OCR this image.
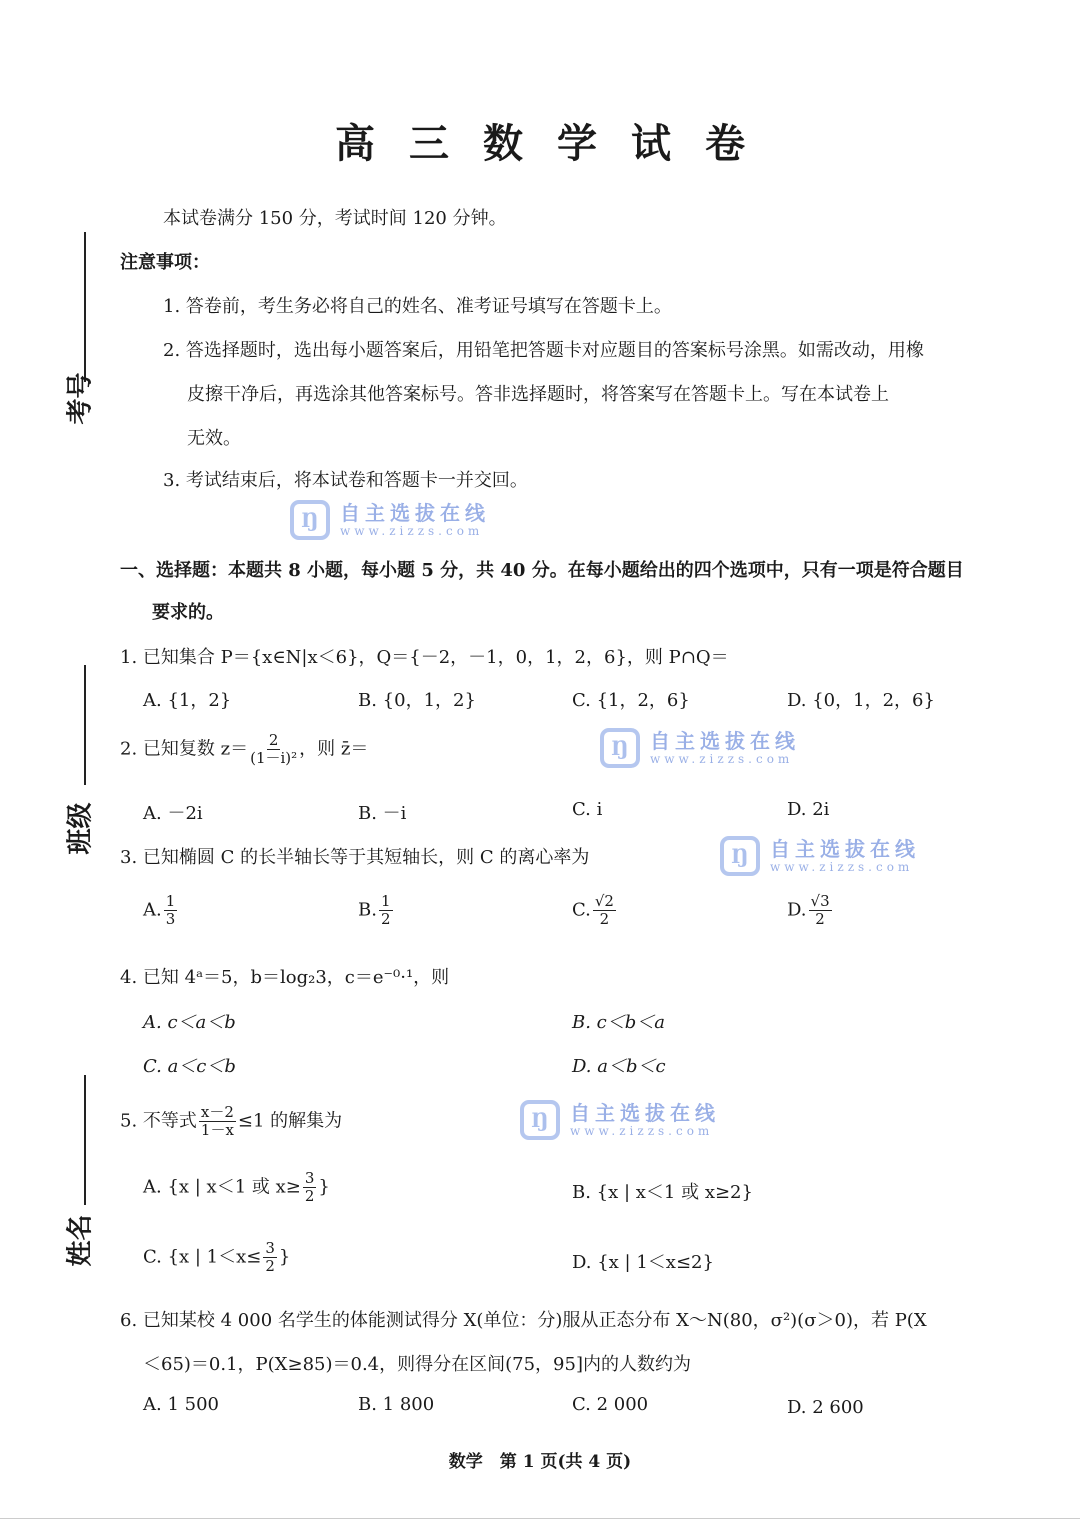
高三数学试卷
本试卷满分 150 分，考试时间 120 分钟。
注意事项：
1. 答卷前，考生务必将自己的姓名、准考证号填写在答题卡上。
2. 答选择题时，选出每小题答案后，用铅笔把答题卡对应题目的答案标号涂黑。如需改动，用橡
皮擦干净后，再选涂其他答案标号。答非选择题时，将答案写在答题卡上。写在本试卷上
无效。
3. 考试结束后，将本试卷和答题卡一并交回。
考号
班级
姓名
一、选择题：本题共 8 小题，每小题 5 分，共 40 分。在每小题给出的四个选项中，只有一项是符合题目
要求的。
1. 已知集合 P＝{x∈N|x＜6}，Q＝{－2，－1，0，1，2，6}，则 P∩Q＝
A. {1，2}	B. {0，1，2}	C. {1，2，6}	D. {0，1，2，6}
2. 已知复数 $z= \frac{2}{\text{(1－i)²}}$ ，则 z̄＝
A. －2i	B. －i	C. i	D. 2i
3. 已知椭圆 C 的长半轴长等于其短轴长，则 C 的离心率为
A. $\frac{1}{3}$	B. $\frac{1}{2}$	C. $\frac{√2}{2}$	D. $\frac{√3}{2}$
4. 已知 4ᵃ＝5，b＝log₂3，c＝e⁻⁰·¹，则
A. c＜a＜b	B. c＜b＜a
C. a＜c＜b	D. a＜b＜c
5. 不等式 $\frac{x-2}{1-x} \le 1$ 的解集为
A. {x | x＜1 或 $x\ge \frac{3}{2}$ }	B. {x | x＜1 或 x≥2}
C. {x | $1<x\le \frac{3}{2}$ }	D. {x | 1＜x≤2}
6. 已知某校 4 000 名学生的体能测试得分 X(单位：分)服从正态分布 X～N(80，σ²)(σ＞0)，若 P(X
＜65)＝0.1，P(X≥85)＝0.4，则得分在区间(75，95]内的人数约为
A. 1 500	B. 1 800	C. 2 000	D. 2 600
数学　第 1 页(共 4 页)
Ŋ	自主选拔在线
www.zizzs.com
Ŋ	自主选拔在线
www.zizzs.com
Ŋ	自主选拔在线
www.zizzs.com
Ŋ	自主选拔在线
www.zizzs.com
